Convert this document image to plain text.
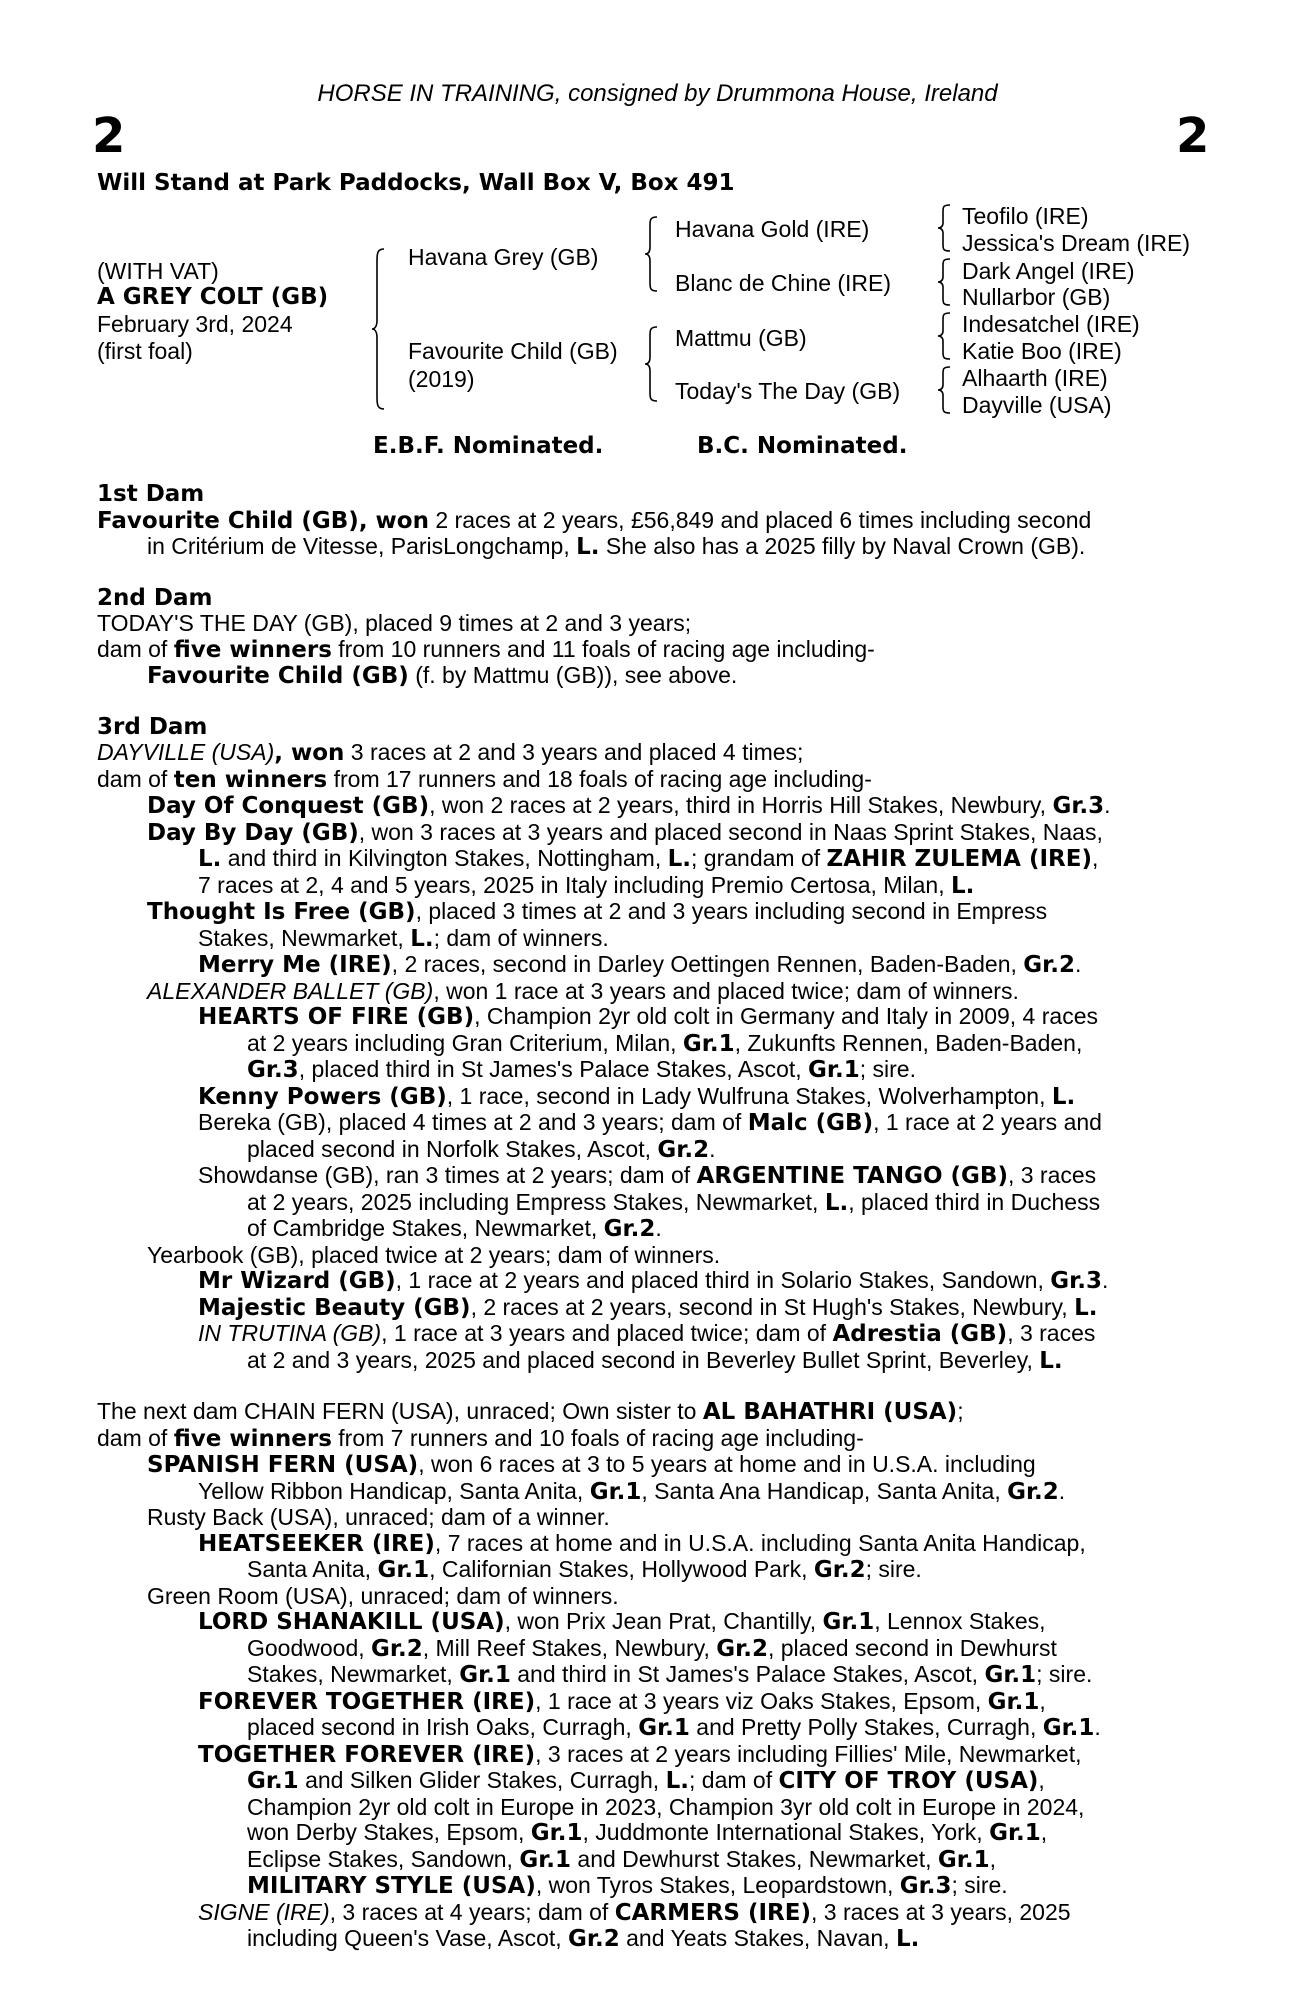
HORSE IN TRAINING, consigned by Drummona House, Ireland
2	2
Will Stand at Park Paddocks, Wall Box V, Box 491
(WITH VAT)
A GREY COLT (GB)
February 3rd, 2024
(first foal)
Havana Grey (GB)
Favourite Child (GB)
(2019)
Havana Gold (IRE)
Blanc de Chine (IRE)
Mattmu (GB)
Today's The Day (GB)
Teofilo (IRE)
Jessica's Dream (IRE)
Dark Angel (IRE)
Nullarbor (GB)
Indesatchel (IRE)
Katie Boo (IRE)
Alhaarth (IRE)
Dayville (USA)
E.B.F. Nominated.	B.C. Nominated.
1st Dam
Favourite Child (GB), won 2 races at 2 years, £56,849 and placed 6 times including second
in Critérium de Vitesse, ParisLongchamp, L. She also has a 2025 filly by Naval Crown (GB).
2nd Dam
TODAY'S THE DAY (GB), placed 9 times at 2 and 3 years;
dam of five winners from 10 runners and 11 foals of racing age including-
Favourite Child (GB) (f. by Mattmu (GB)), see above.
3rd Dam
DAYVILLE (USA), won 3 races at 2 and 3 years and placed 4 times;
dam of ten winners from 17 runners and 18 foals of racing age including-
Day Of Conquest (GB), won 2 races at 2 years, third in Horris Hill Stakes, Newbury, Gr.3.
Day By Day (GB), won 3 races at 3 years and placed second in Naas Sprint Stakes, Naas,
L. and third in Kilvington Stakes, Nottingham, L.; grandam of ZAHIR ZULEMA (IRE),
7 races at 2, 4 and 5 years, 2025 in Italy including Premio Certosa, Milan, L.
Thought Is Free (GB), placed 3 times at 2 and 3 years including second in Empress
Stakes, Newmarket, L.; dam of winners.
Merry Me (IRE), 2 races, second in Darley Oettingen Rennen, Baden-Baden, Gr.2.
ALEXANDER BALLET (GB), won 1 race at 3 years and placed twice; dam of winners.
HEARTS OF FIRE (GB), Champion 2yr old colt in Germany and Italy in 2009, 4 races
at 2 years including Gran Criterium, Milan, Gr.1, Zukunfts Rennen, Baden-Baden,
Gr.3, placed third in St James's Palace Stakes, Ascot, Gr.1; sire.
Kenny Powers (GB), 1 race, second in Lady Wulfruna Stakes, Wolverhampton, L.
Bereka (GB), placed 4 times at 2 and 3 years; dam of Malc (GB), 1 race at 2 years and
placed second in Norfolk Stakes, Ascot, Gr.2.
Showdanse (GB), ran 3 times at 2 years; dam of ARGENTINE TANGO (GB), 3 races
at 2 years, 2025 including Empress Stakes, Newmarket, L., placed third in Duchess
of Cambridge Stakes, Newmarket, Gr.2.
Yearbook (GB), placed twice at 2 years; dam of winners.
Mr Wizard (GB), 1 race at 2 years and placed third in Solario Stakes, Sandown, Gr.3.
Majestic Beauty (GB), 2 races at 2 years, second in St Hugh's Stakes, Newbury, L.
IN TRUTINA (GB), 1 race at 3 years and placed twice; dam of Adrestia (GB), 3 races
at 2 and 3 years, 2025 and placed second in Beverley Bullet Sprint, Beverley, L.
The next dam CHAIN FERN (USA), unraced; Own sister to AL BAHATHRI (USA);
dam of five winners from 7 runners and 10 foals of racing age including-
SPANISH FERN (USA), won 6 races at 3 to 5 years at home and in U.S.A. including
Yellow Ribbon Handicap, Santa Anita, Gr.1, Santa Ana Handicap, Santa Anita, Gr.2.
Rusty Back (USA), unraced; dam of a winner.
HEATSEEKER (IRE), 7 races at home and in U.S.A. including Santa Anita Handicap,
Santa Anita, Gr.1, Californian Stakes, Hollywood Park, Gr.2; sire.
Green Room (USA), unraced; dam of winners.
LORD SHANAKILL (USA), won Prix Jean Prat, Chantilly, Gr.1, Lennox Stakes,
Goodwood, Gr.2, Mill Reef Stakes, Newbury, Gr.2, placed second in Dewhurst
Stakes, Newmarket, Gr.1 and third in St James's Palace Stakes, Ascot, Gr.1; sire.
FOREVER TOGETHER (IRE), 1 race at 3 years viz Oaks Stakes, Epsom, Gr.1,
placed second in Irish Oaks, Curragh, Gr.1 and Pretty Polly Stakes, Curragh, Gr.1.
TOGETHER FOREVER (IRE), 3 races at 2 years including Fillies' Mile, Newmarket,
Gr.1 and Silken Glider Stakes, Curragh, L.; dam of CITY OF TROY (USA),
Champion 2yr old colt in Europe in 2023, Champion 3yr old colt in Europe in 2024,
won Derby Stakes, Epsom, Gr.1, Juddmonte International Stakes, York, Gr.1,
Eclipse Stakes, Sandown, Gr.1 and Dewhurst Stakes, Newmarket, Gr.1,
MILITARY STYLE (USA), won Tyros Stakes, Leopardstown, Gr.3; sire.
SIGNE (IRE), 3 races at 4 years; dam of CARMERS (IRE), 3 races at 3 years, 2025
including Queen's Vase, Ascot, Gr.2 and Yeats Stakes, Navan, L.
